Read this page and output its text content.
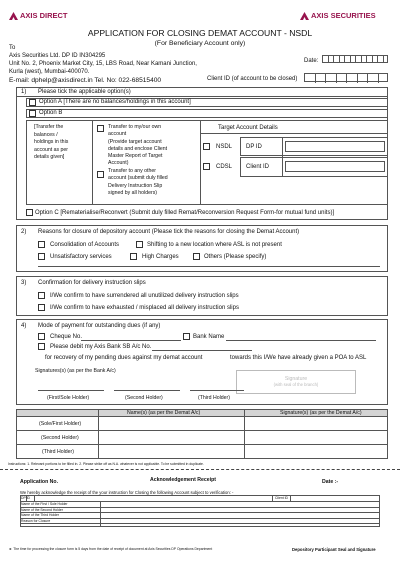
AXIS DIRECT	AXIS SECURITIES
APPLICATION FOR CLOSING DEMAT ACCOUNT - NSDL
(For Beneficiary Account only)
To
Axis Securities Ltd. DP ID IN304295
Unit No. 2, Phoenix Market City, 15, LBS Road, Near Kamani Junction,
Kurla (west), Mumbai-400070.
E-mail: dphelp@axisdirect.in Tel. No: 022-68515400
Date:
Client ID (of account to be closed)
1) Please tick the applicable option(s)
Option A [There are no balances/holdings in this account]
Option B
[Transfer the
balances /
holdings in this
account as per
details given]
Transfer to my/our own
account
(Provide target account
details and enclose Client
Master Report of Target
Account)
Transfer to any other
account (submit duly filled
Delivery Instruction Slip
signed by all holders)
Target Account Details
NSDL
CDSL
DP ID
Client ID
Option C [Rematerialise/Reconvert (Submit duly filled Remat/Reconversion Request Form-for mutual fund units)]
2) Reasons for closure of depository account (Please tick the reasons for closing the Demat Account)
Consolidation of Accounts	Shifting to a new location where ASL is not present
Unsatisfactory services	High Charges	Others (Please specify)
3) Confirmation for delivery instruction slips
I/We confirm to have surrendered all unutilized delivery instruction slips
I/We confirm to have exhausted / misplaced all delivery instruction slips
4) Mode of payment for outstanding dues (if any)
Cheque No.	Bank Name
Please debit my Axis Bank SB A/c No.
for recovery of my pending dues against my demat account	towards this I/We have already given a POA to ASL
Signatures(s) (as per the Bank A/c)
Signature
(with seal of the branch)
(First/Sole Holder)	(Second Holder)	(Third Holder)
Name(s) (as per the Demat A/c)	Signature(s) (as per the Demat A/c)
(Sole/First Holder)
(Second Holder)
(Third Holder)
Instructions: 1. Relevant portions to be filled in. 2. Please strike off as N.A. whatever is not applicable. To be submitted in duplicate.
Application No.	Acknowledgement Receipt	Date :-
We hereby acknowledge the receipt of the your instruction for Closing the following Account subject to verification: -
DP ID	Client ID
Name of the First / Sole Holder
Name of the Second Holder
Name of the Third Holder
Reason for Closure
► The time for processing the closure form is 5 days from the date of receipt of document at Axis Securities DP Operations Department	Depository Participant Seal and Signature
